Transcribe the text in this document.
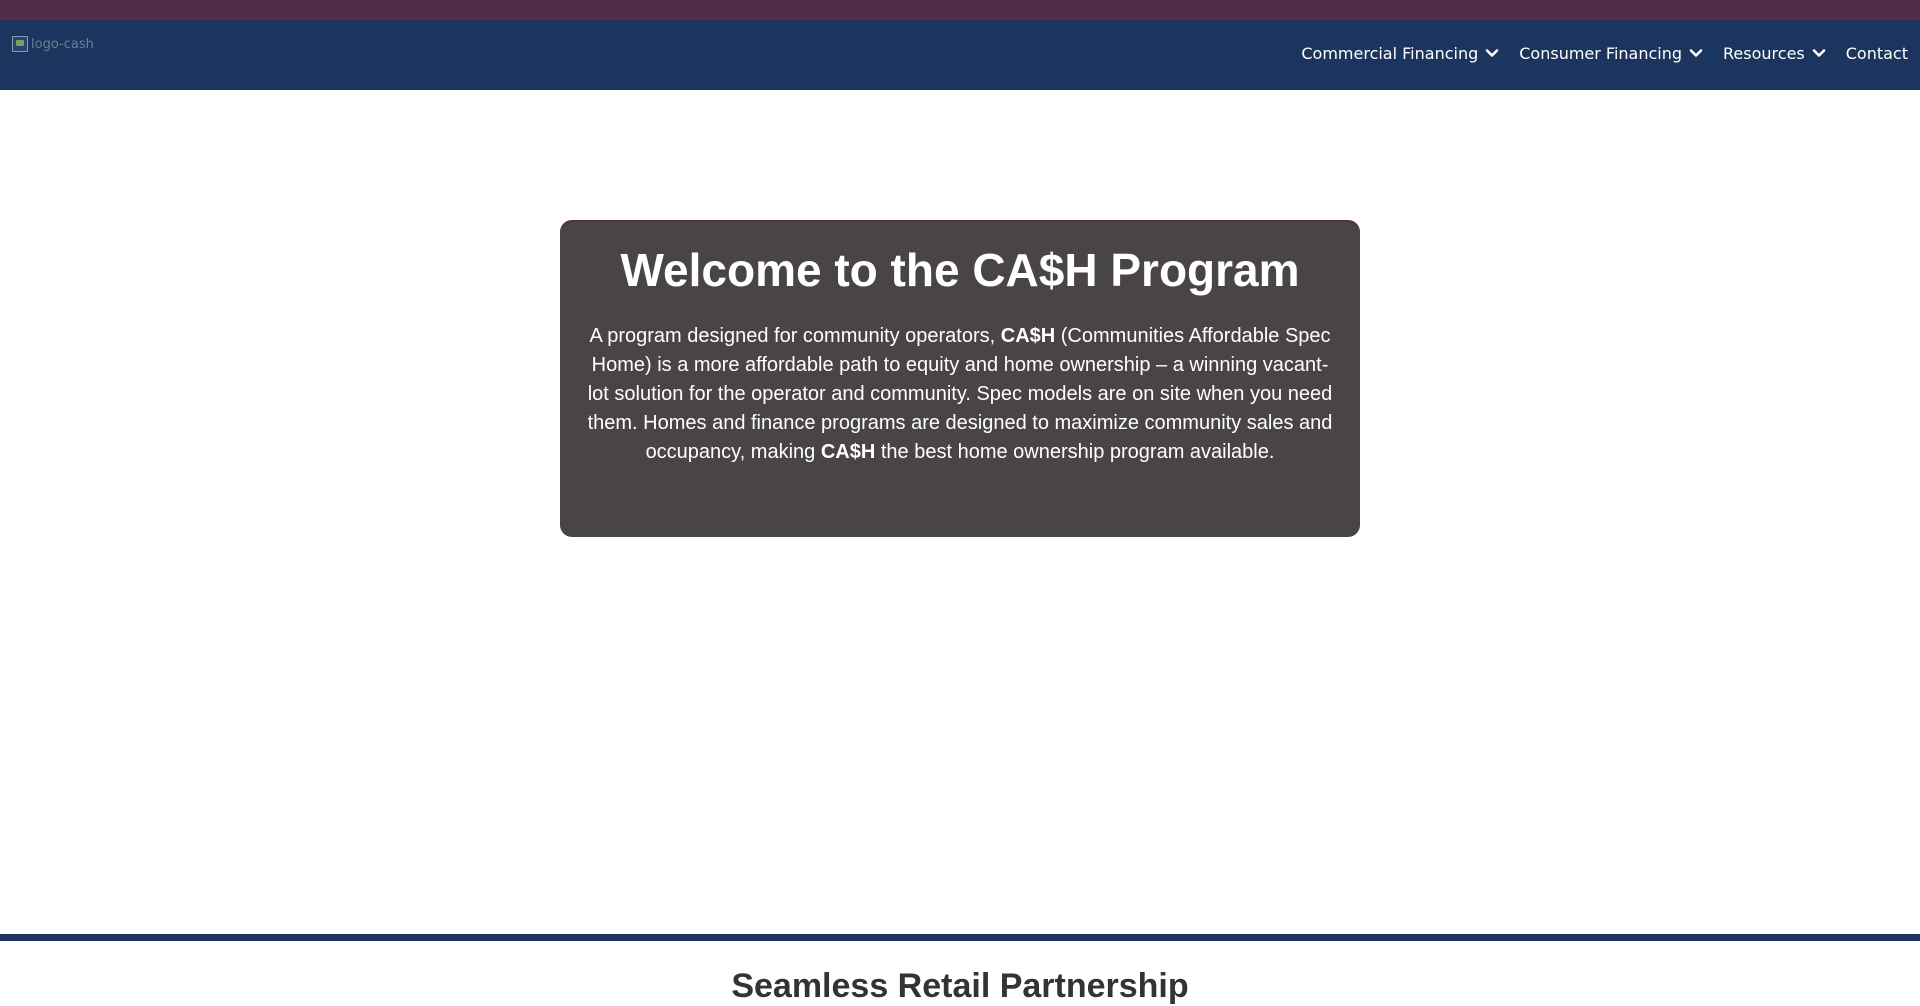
logo-cash	Commercial Financing	Consumer Financing	Resources	Contact
Welcome to the CA$H Program

A program designed for community operators, CA$H (Communities Affordable Spec Home) is a more affordable path to equity and home ownership – a winning vacant-lot solution for the operator and community. Spec models are on site when you need them. Homes and finance programs are designed to maximize community sales and occupancy, making CA$H the best home ownership program available.

Seamless Retail Partnership
